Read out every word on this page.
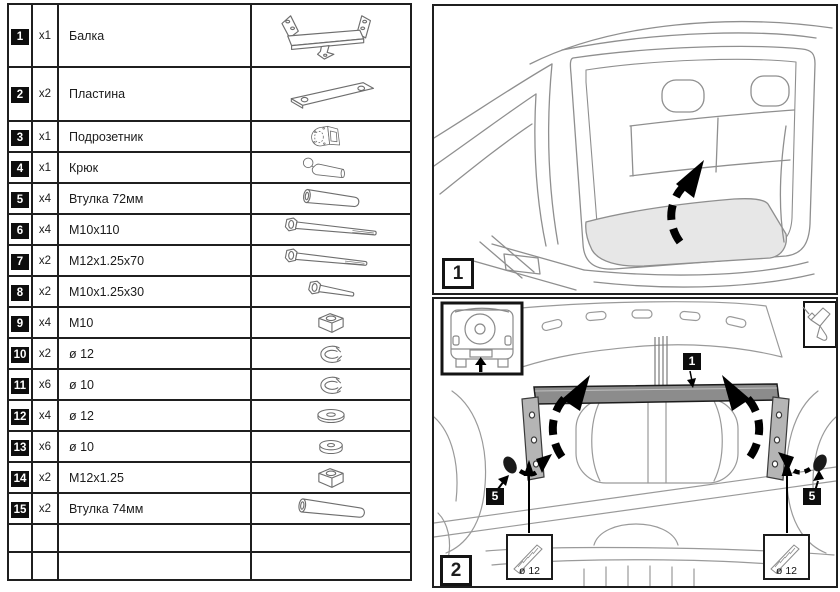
1	x1	Балка	

2	x2	Пластина	

3	x1	Подрозетник	

4	x1	Крюк	

5	x4	Втулка 72мм	

6	x4	М10х110	

7	x2	М12х1.25х70	

8	x2	М10х1.25х30	

9	x4	М10	

10	x2	ø 12	

11	x6	ø 10	

12	x4	ø 12	

13	x6	ø 10	

14	x2	М12х1.25	

15	x2	Втулка 74мм	

1
2
1
5	5
ø 12	ø 12
